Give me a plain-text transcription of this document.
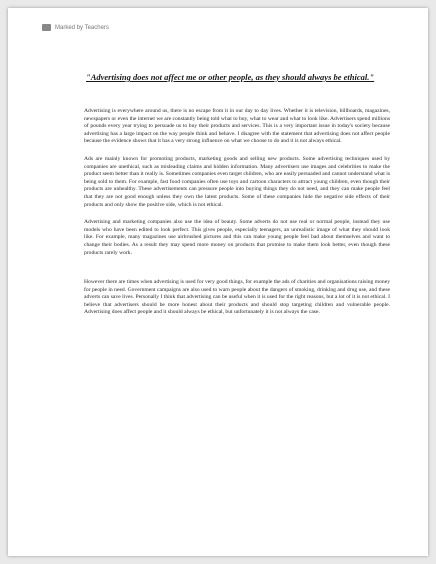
Marked by Teachers
"Advertising does not affect me or other people, as they should always be ethical."

Advertising is everywhere around us, there is no escape from it in our day to day lives. Whether it is television, billboards, magazines, newspapers or even the internet we are constantly being told what to buy, what to wear and what to look like. Advertisers spend millions of pounds every year trying to persuade us to buy their products and services. This is a very important issue in today's society because advertising has a large impact on the way people think and behave. I disagree with the statement that advertising does not affect people because the evidence shows that it has a very strong influence on what we choose to do and it is not always ethical.

Ads are mainly known for promoting products, marketing goods and selling new products. Some advertising techniques used by companies are unethical, such as misleading claims and hidden information. Many advertisers use images and celebrities to make the product seem better than it really is. Sometimes companies even target children, who are easily persuaded and cannot understand what is being sold to them. For example, fast food companies often use toys and cartoon characters to attract young children, even though their products are unhealthy. These advertisements can pressure people into buying things they do not need, and they can make people feel that they are not good enough unless they own the latest products. Some of these companies hide the negative side effects of their products and only show the positive side, which is not ethical.

Advertising and marketing companies also use the idea of beauty. Some adverts do not use real or normal people, instead they use models who have been edited to look perfect. This gives people, especially teenagers, an unrealistic image of what they should look like. For example, many magazines use airbrushed pictures and this can make young people feel bad about themselves and want to change their bodies. As a result they may spend more money on products that promise to make them look better, even though these products rarely work.

However there are times when advertising is used for very good things, for example the ads of charities and organisations raising money for people in need. Government campaigns are also used to warn people about the dangers of smoking, drinking and drug use, and these adverts can save lives. Personally I think that advertising can be useful when it is used for the right reasons, but a lot of it is not ethical. I believe that advertisers should be more honest about their products and should stop targeting children and vulnerable people. Advertising does affect people and it should always be ethical, but unfortunately it is not always the case.
